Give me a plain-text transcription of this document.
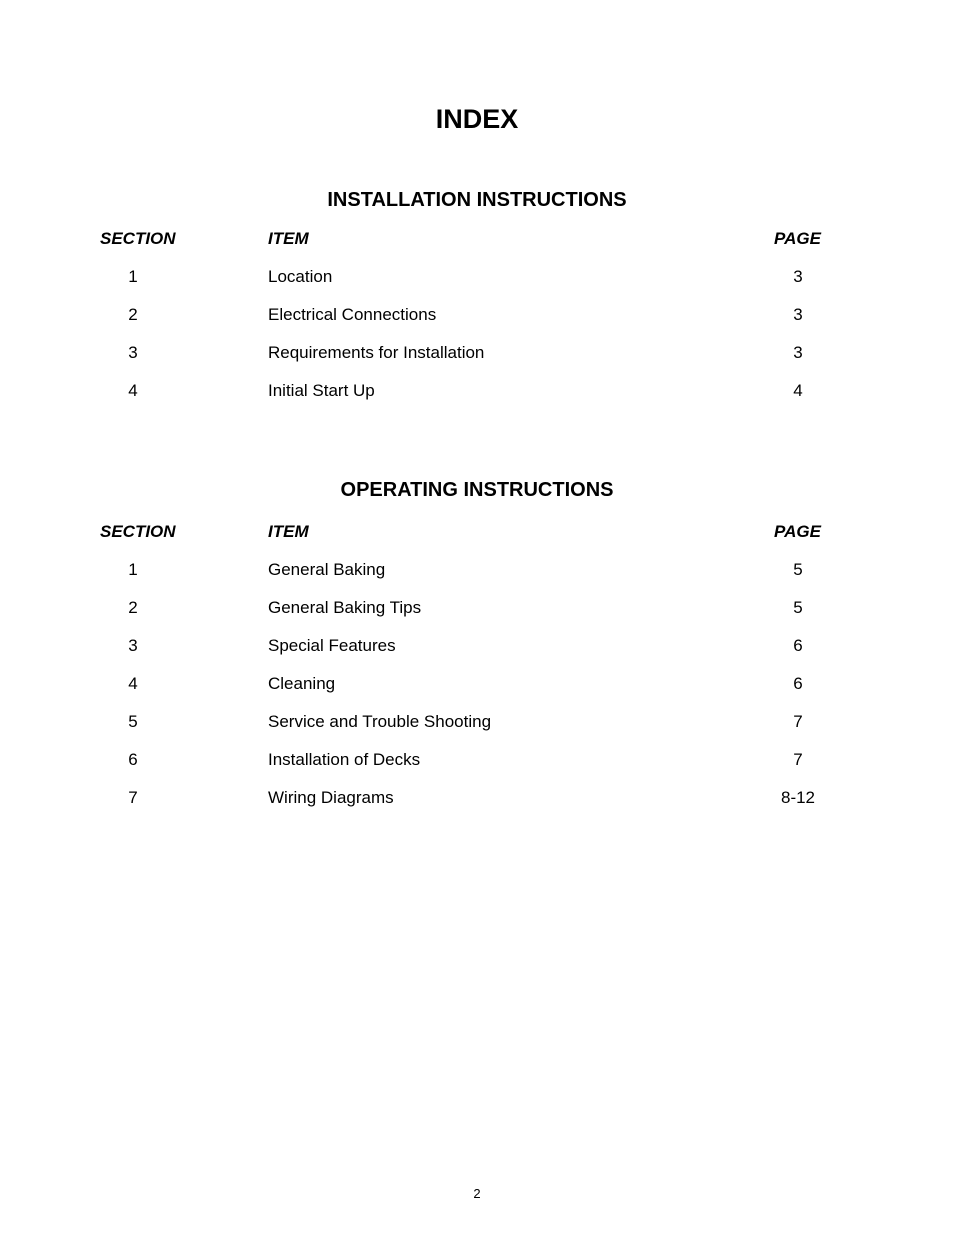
INDEX
INSTALLATION INSTRUCTIONS
SECTION	ITEM	PAGE
1	Location	3
2	Electrical Connections	3
3	Requirements for Installation	3
4	Initial Start Up	4
OPERATING INSTRUCTIONS
SECTION	ITEM	PAGE
1	General Baking	5
2	General Baking Tips	5
3	Special Features	6
4	Cleaning	6
5	Service and Trouble Shooting	7
6	Installation of Decks	7
7	Wiring Diagrams	8-12
2
